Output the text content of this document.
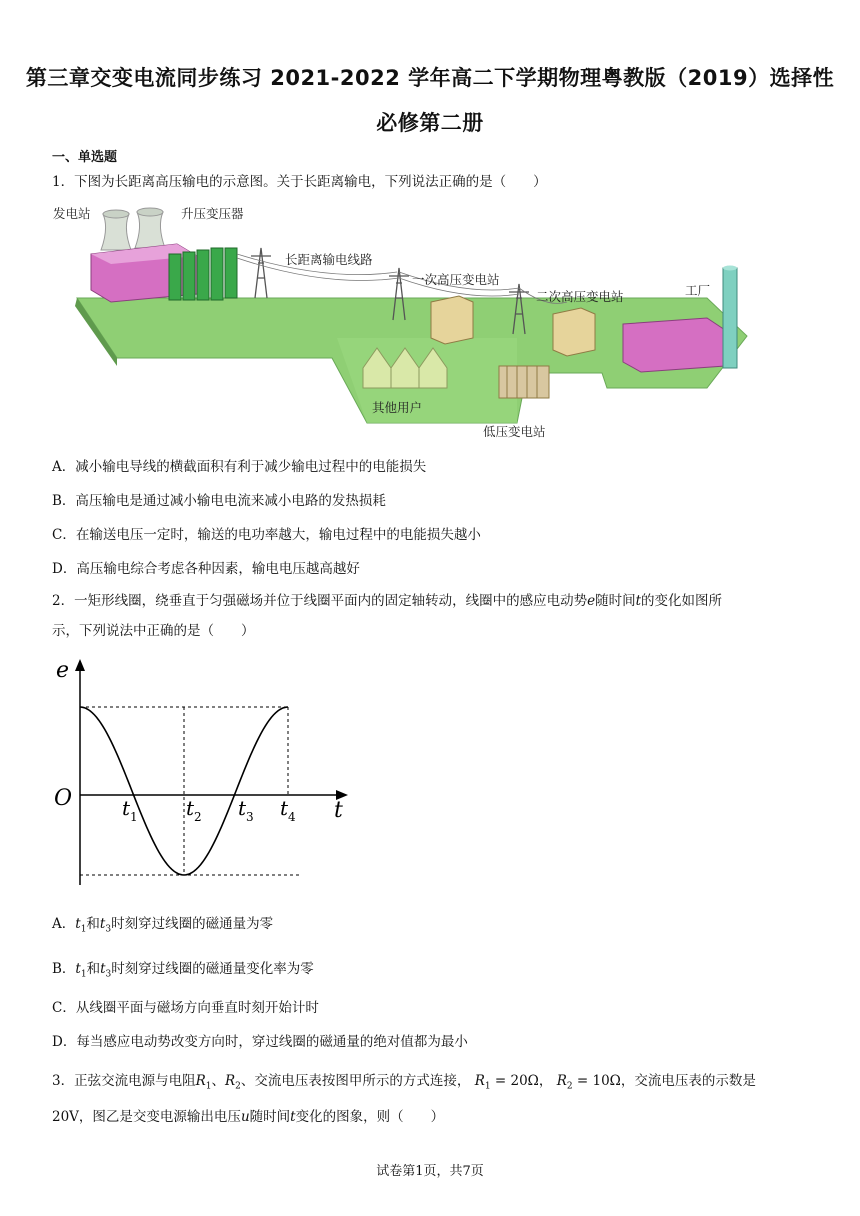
第三章交变电流同步练习 2021-2022 学年高二下学期物理粤教版（2019）选择性
必修第二册
一、单选题
1．下图为长距离高压输电的示意图。关于长距离输电，下列说法正确的是（　　）
发电站	升压变压器
长距离输电线路
一次高压变电站
二次高压变电站	工厂
其他用户
低压变电站
A．减小输电导线的横截面积有利于减少输电过程中的电能损失
B．高压输电是通过减小输电电流来减小电路的发热损耗
C．在输送电压一定时，输送的电功率越大，输电过程中的电能损失越小
D．高压输电综合考虑各种因素，输电电压越高越好
2．一矩形线圈，绕垂直于匀强磁场并位于线圈平面内的固定轴转动，线圈中的感应电动势e随时间t的变化如图所
示，下列说法中正确的是（　　）
e
t
O $t_1$ $t_2$ $t_3$ $t_4$
A．$t_1$和$t_3$时刻穿过线圈的磁通量为零
B．$t_1$和$t_3$时刻穿过线圈的磁通量变化率为零
C．从线圈平面与磁场方向垂直时刻开始计时
D．每当感应电动势改变方向时，穿过线圈的磁通量的绝对值都为最小
3．正弦交流电源与电阻$R_1$、$R_2$、交流电压表按图甲所示的方式连接， $R_1 = 20\Omega$， $R_2 = 10\Omega$，交流电压表的示数是
20V，图乙是交变电源输出电压u随时间t变化的图象，则（　　）
试卷第1页，共7页
